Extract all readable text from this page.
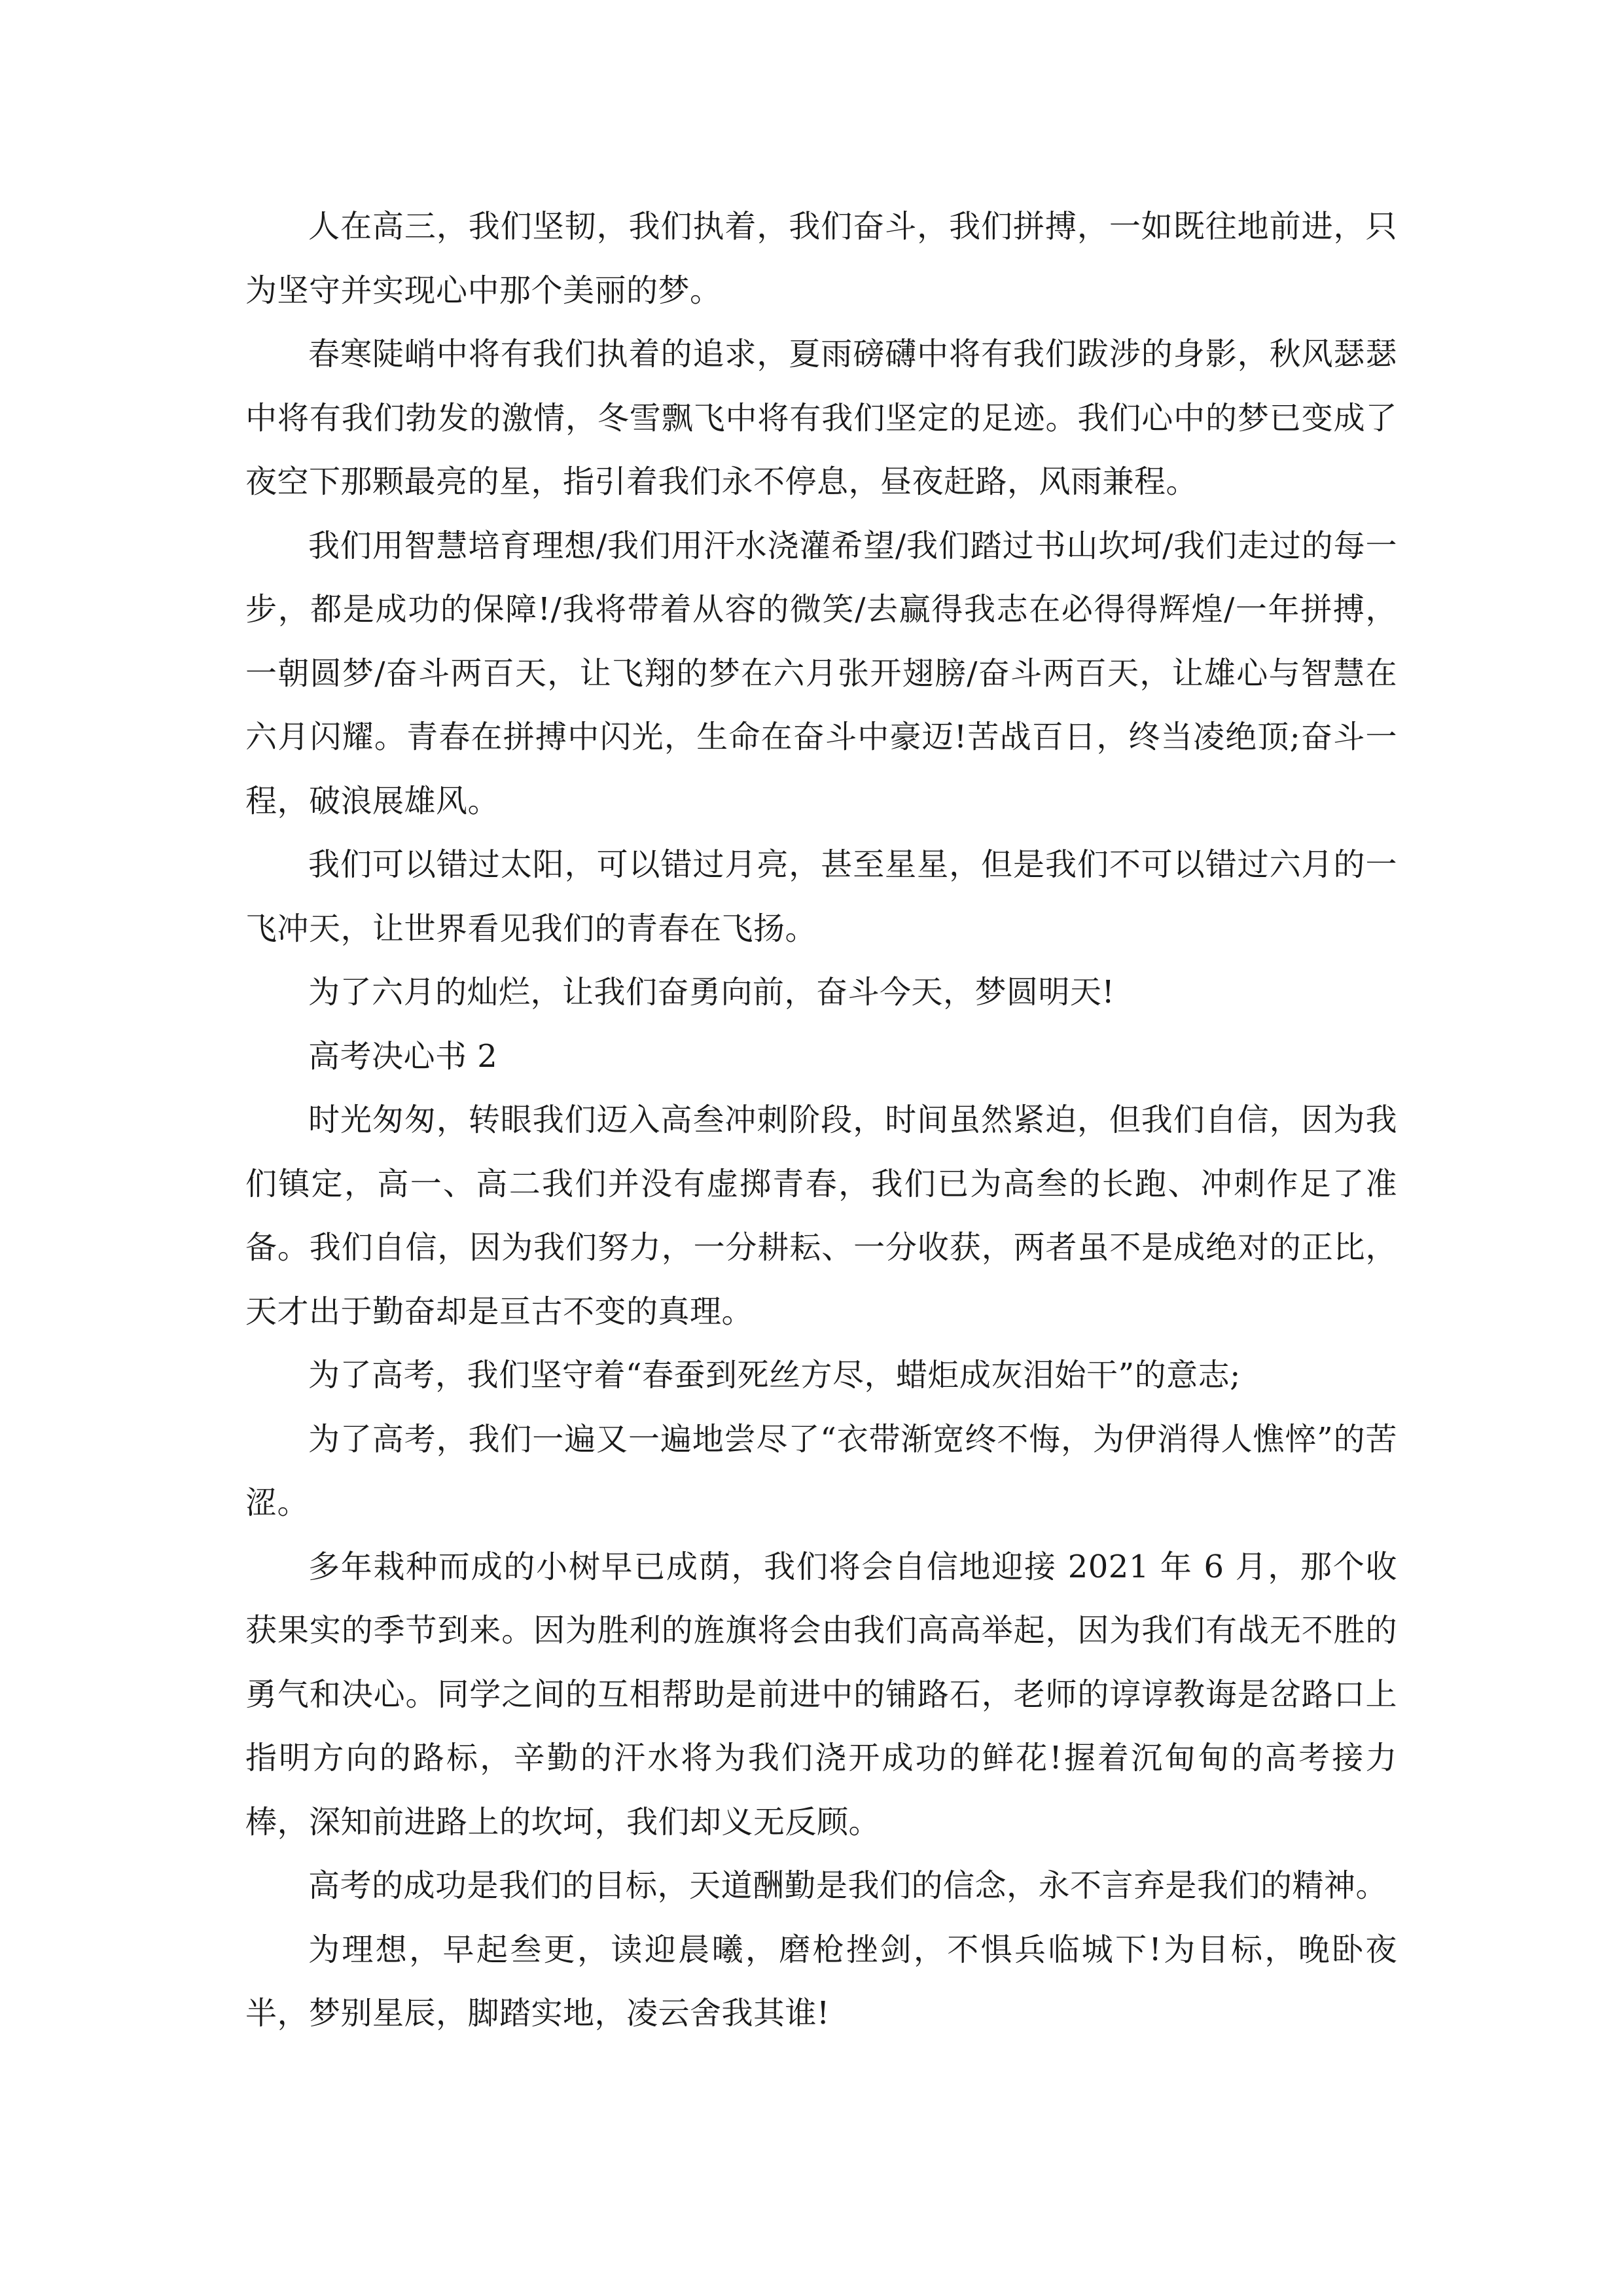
人在高三，我们坚韧，我们执着，我们奋斗，我们拼搏，一如既往地前进，只为坚守并实现心中那个美丽的梦。

春寒陡峭中将有我们执着的追求，夏雨磅礴中将有我们跋涉的身影，秋风瑟瑟中将有我们勃发的激情，冬雪飘飞中将有我们坚定的足迹。我们心中的梦已变成了夜空下那颗最亮的星，指引着我们永不停息，昼夜赶路，风雨兼程。

我们用智慧培育理想/我们用汗水浇灌希望/我们踏过书山坎坷/我们走过的每一步，都是成功的保障!/我将带着从容的微笑/去赢得我志在必得得辉煌/一年拼搏，一朝圆梦/奋斗两百天，让飞翔的梦在六月张开翅膀/奋斗两百天，让雄心与智慧在六月闪耀。青春在拼搏中闪光，生命在奋斗中豪迈!苦战百日，终当凌绝顶;奋斗一程，破浪展雄风。

我们可以错过太阳，可以错过月亮，甚至星星，但是我们不可以错过六月的一飞冲天，让世界看见我们的青春在飞扬。

为了六月的灿烂，让我们奋勇向前，奋斗今天，梦圆明天!

高考决心书 2

时光匆匆，转眼我们迈入高叁冲刺阶段，时间虽然紧迫，但我们自信，因为我们镇定，高一、高二我们并没有虚掷青春，我们已为高叁的长跑、冲刺作足了准备。我们自信，因为我们努力，一分耕耘、一分收获，两者虽不是成绝对的正比，天才出于勤奋却是亘古不变的真理。

为了高考，我们坚守着“春蚕到死丝方尽，蜡炬成灰泪始干”的意志;

为了高考，我们一遍又一遍地尝尽了“衣带渐宽终不悔，为伊消得人憔悴”的苦涩。

多年栽种而成的小树早已成荫，我们将会自信地迎接 2021 年 6 月，那个收获果实的季节到来。因为胜利的旌旗将会由我们高高举起，因为我们有战无不胜的勇气和决心。同学之间的互相帮助是前进中的铺路石，老师的谆谆教诲是岔路口上指明方向的路标，辛勤的汗水将为我们浇开成功的鲜花!握着沉甸甸的高考接力棒，深知前进路上的坎坷，我们却义无反顾。

高考的成功是我们的目标，天道酬勤是我们的信念，永不言弃是我们的精神。

为理想，早起叁更，读迎晨曦，磨枪挫剑，不惧兵临城下!为目标，晚卧夜半，梦别星辰，脚踏实地，凌云舍我其谁!
